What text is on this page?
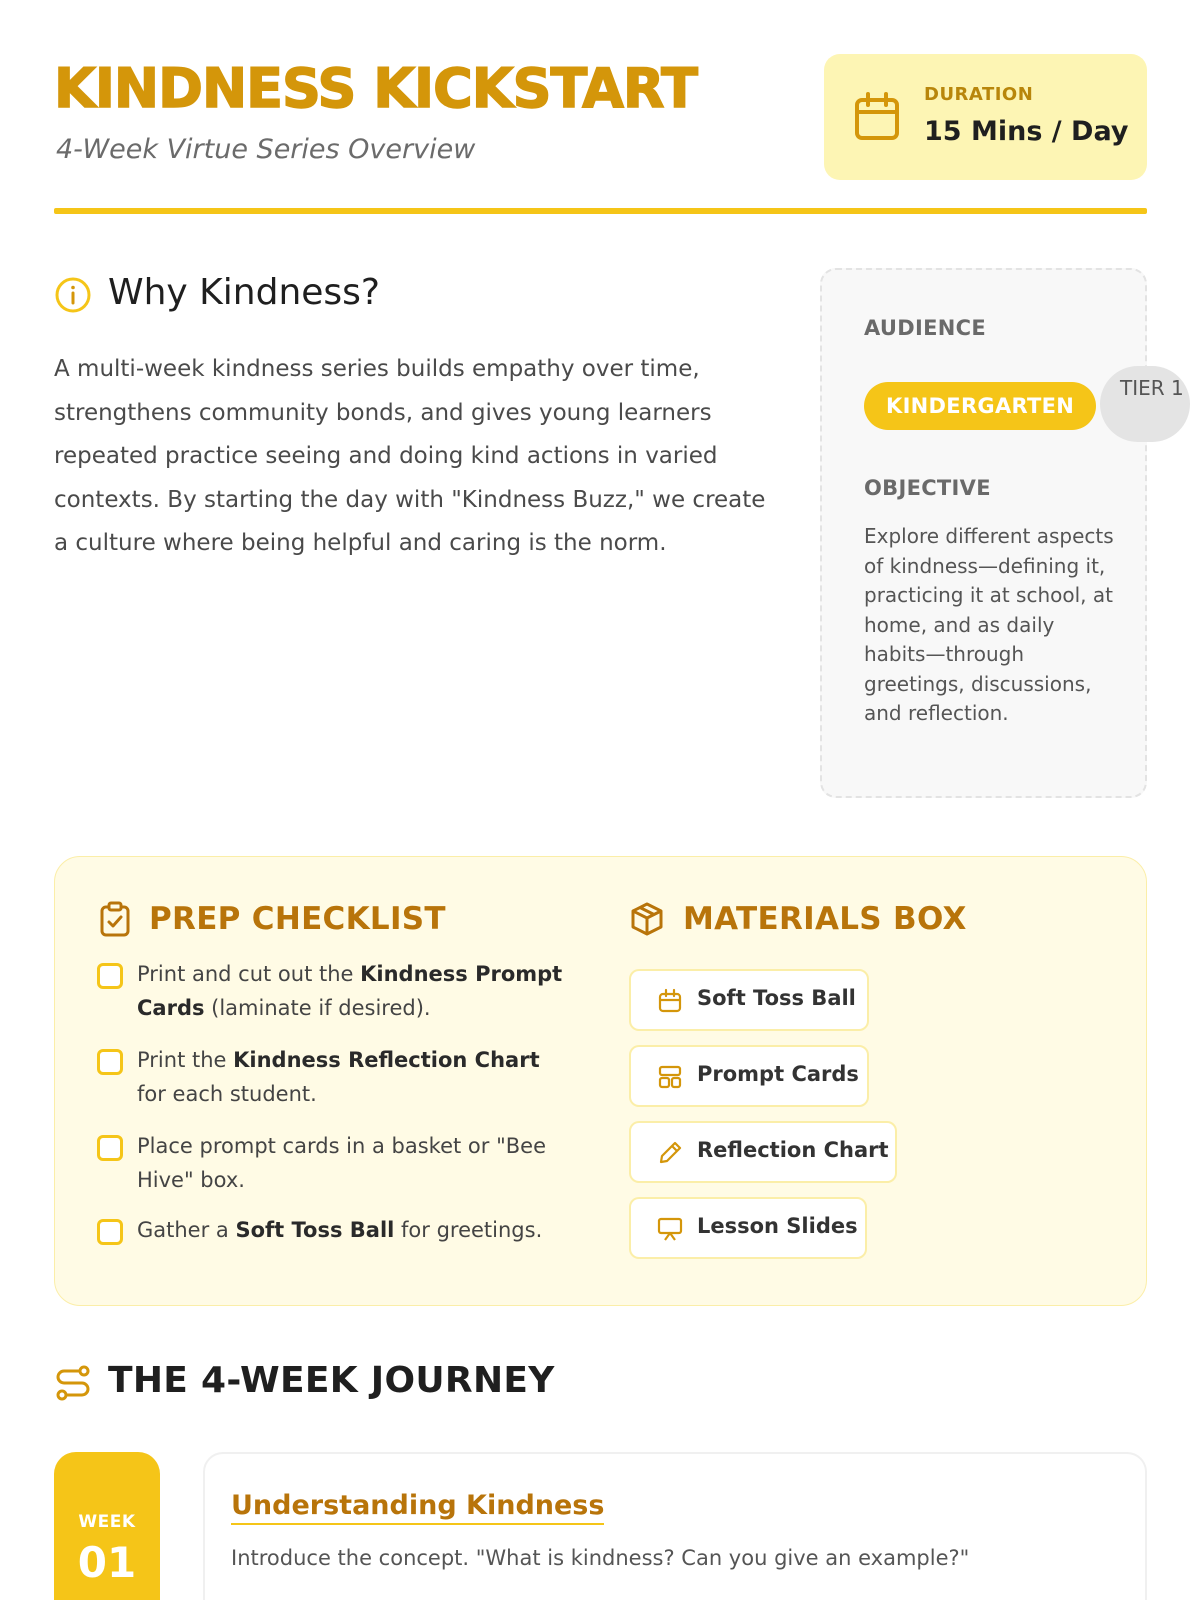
KINDNESS KICKSTART
4-Week Virtue Series Overview
DURATION
15 Mins / Day
Why Kindness?
A multi-week kindness series builds empathy over time, strengthens community bonds, and gives young learners repeated practice seeing and doing kind actions in varied contexts. By starting the day with "Kindness Buzz," we create a culture where being helpful and caring is the norm.
AUDIENCE
KINDERGARTEN
OBJECTIVE
Explore different aspects of kindness—defining it, practicing it at school, at home, and as daily habits—through greetings, discussions, and reflection.
TIER 1
PREP CHECKLIST
Print and cut out the Kindness Prompt Cards (laminate if desired).
Print the Kindness Reflection Chart for each student.
Place prompt cards in a basket or "Bee Hive" box.
Gather a Soft Toss Ball for greetings.
MATERIALS BOX
Soft Toss Ball
Prompt Cards
Reflection Chart
Lesson Slides
THE 4-WEEK JOURNEY
WEEK
01
Understanding Kindness
Introduce the concept. "What is kindness? Can you give an example?"
